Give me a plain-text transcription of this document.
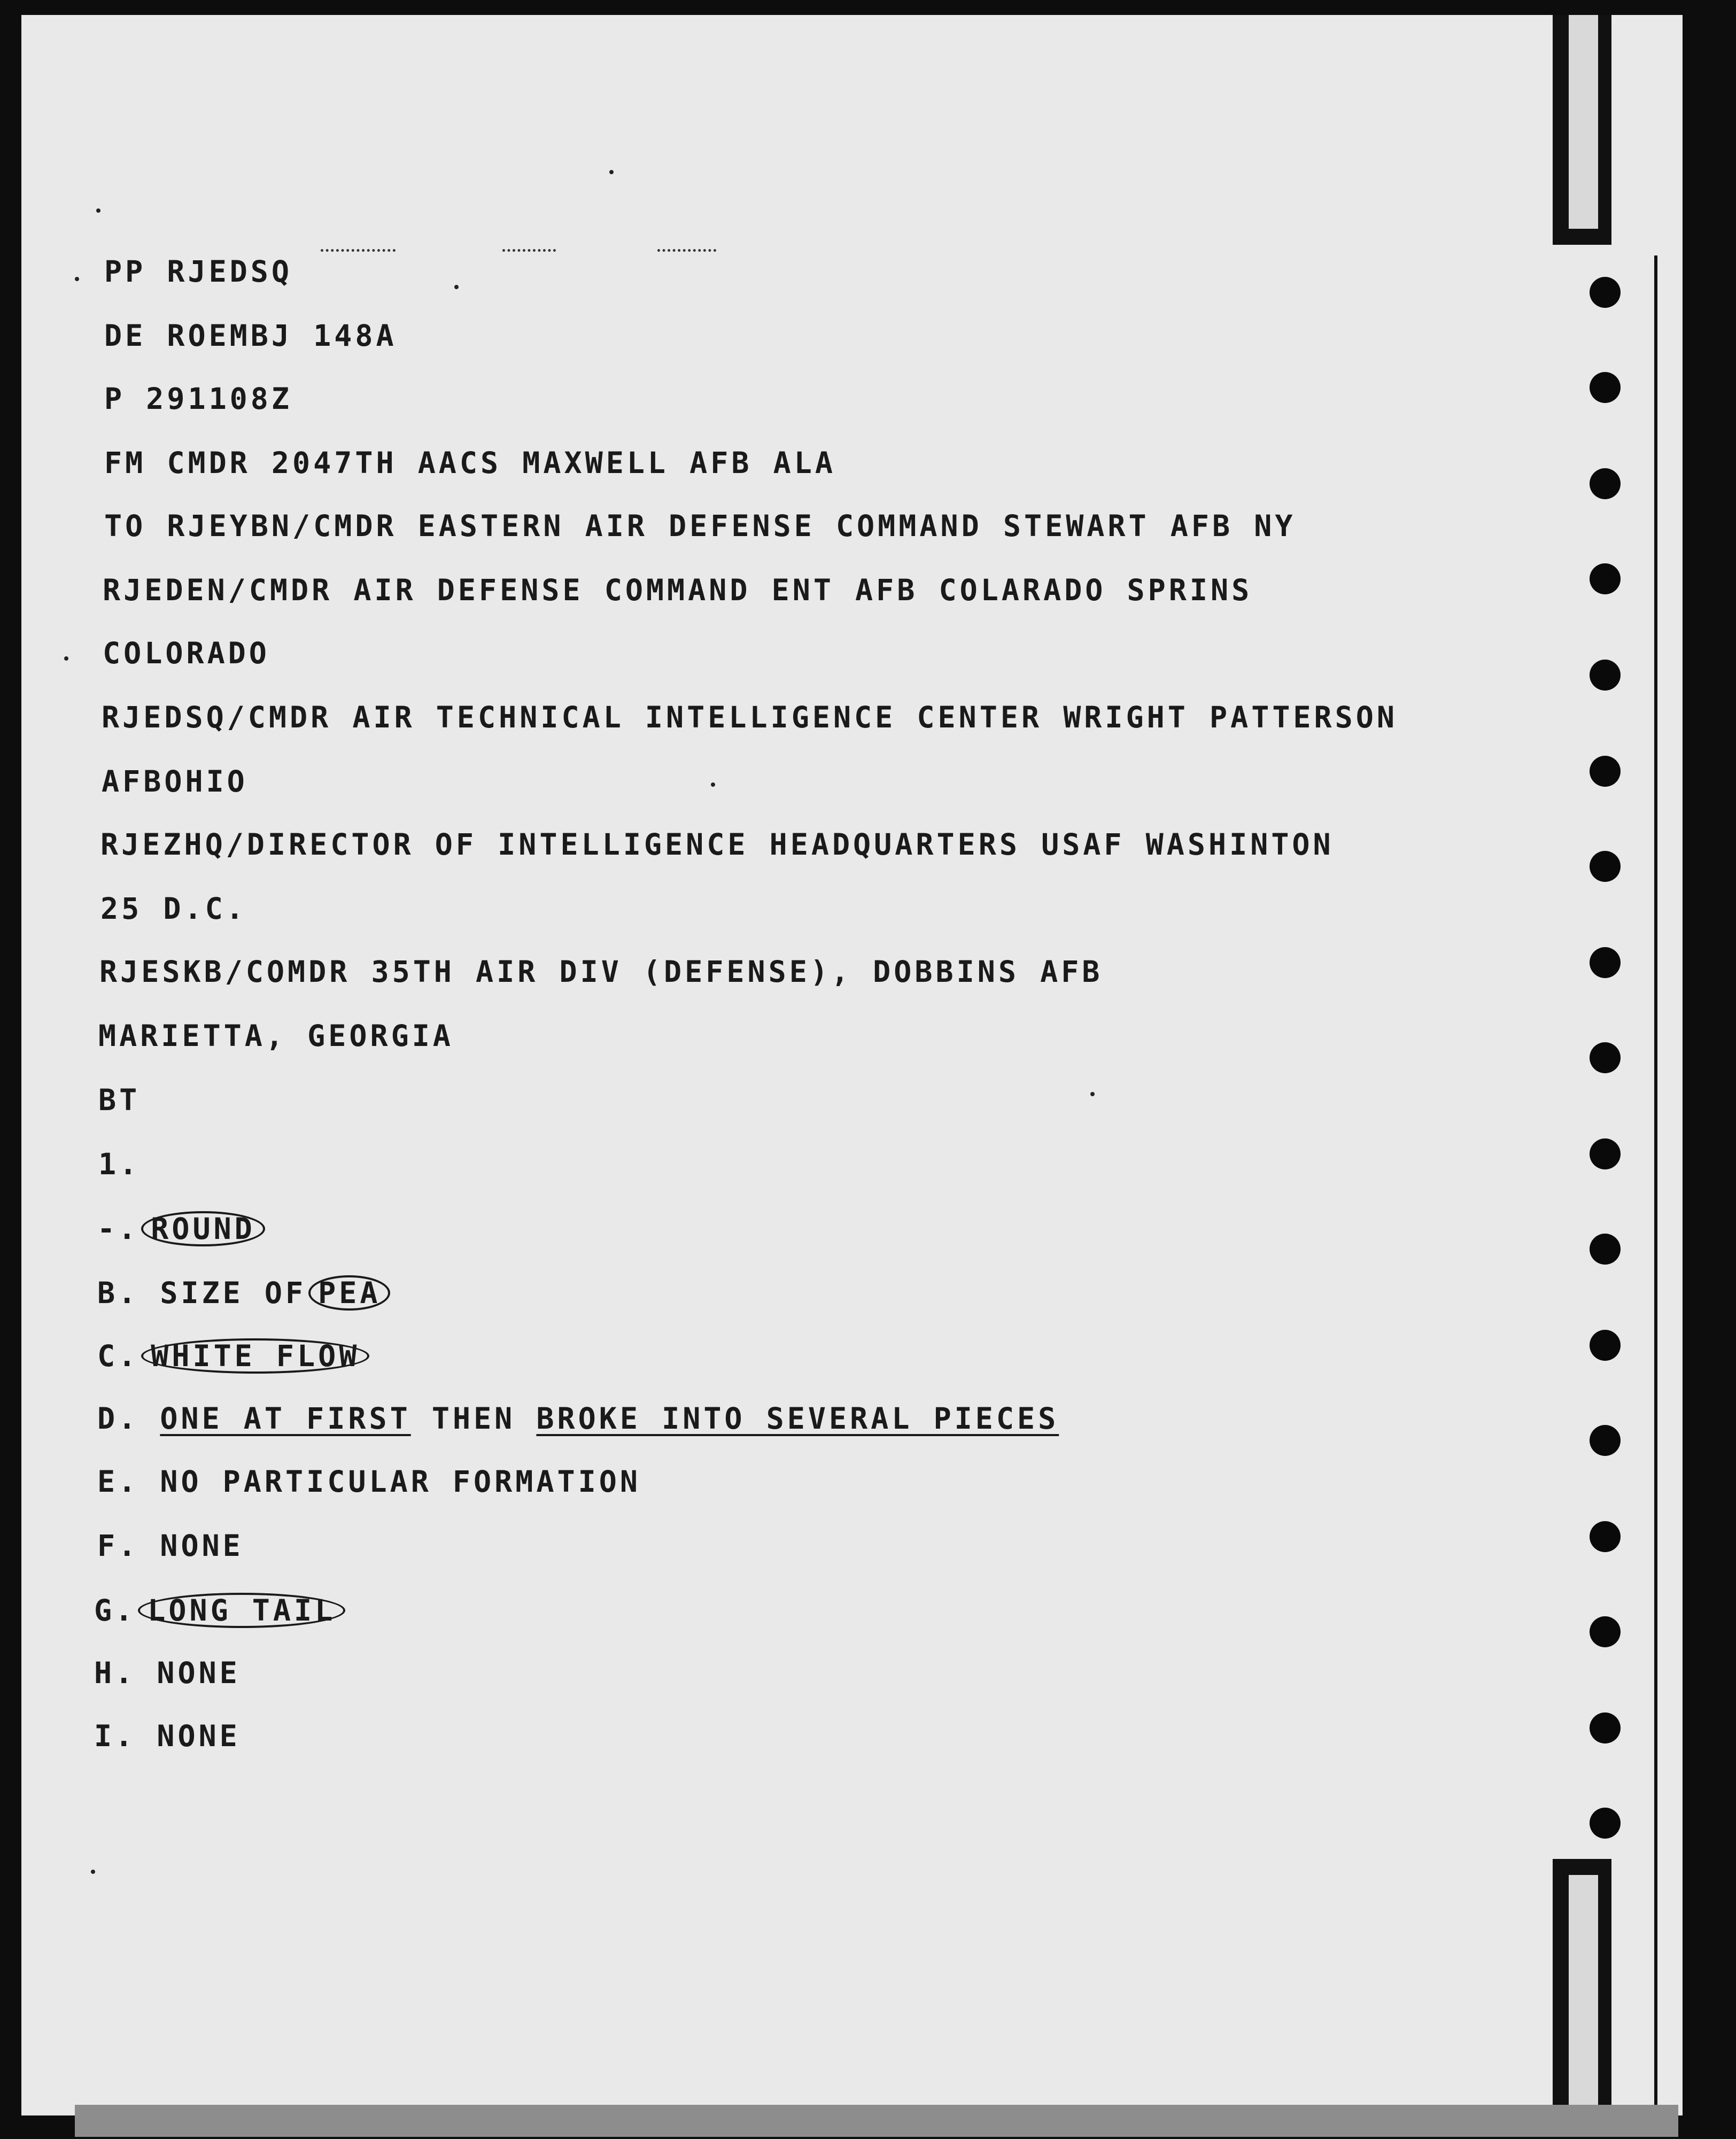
PP RJEDSQ
DE ROEMBJ 148A
P 291108Z
FM CMDR 2047TH AACS MAXWELL AFB ALA
TO RJEYBN/CMDR EASTERN AIR DEFENSE COMMAND STEWART AFB NY
RJEDEN/CMDR AIR DEFENSE COMMAND ENT AFB COLARADO SPRINS
COLORADO
RJEDSQ/CMDR AIR TECHNICAL INTELLIGENCE CENTER WRIGHT PATTERSON
AFBOHIO
RJEZHQ/DIRECTOR OF INTELLIGENCE HEADQUARTERS USAF WASHINTON
25 D.C.
RJESKB/COMDR 35TH AIR DIV (DEFENSE), DOBBINS AFB
MARIETTA, GEORGIA
BT
1.
-. ROUND
B. SIZE OF PEA
C. WHITE FLOW
D. ONE AT FIRST THEN BROKE INTO SEVERAL PIECES
E. NO PARTICULAR FORMATION
F. NONE
G. LONG TAIL
H. NONE
I. NONE
